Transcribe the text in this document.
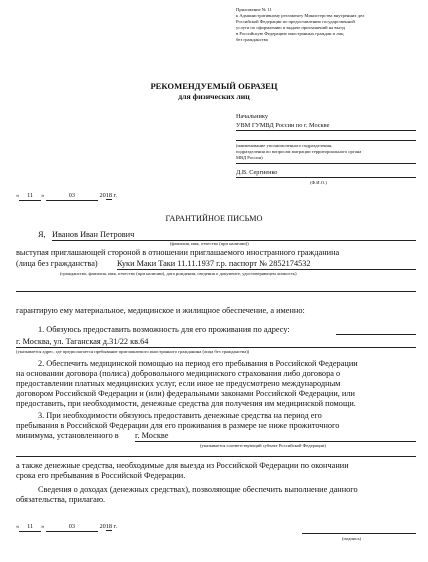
Приложение № 11
к Административному регламенту Министерства внутренних дел
Российской Федерации по предоставлению государственной
услуги по оформлению и выдаче приглашений на въезд
в Российскую Федерацию иностранных граждан и лиц
без гражданства
РЕКОМЕНДУЕМЫЙ ОБРАЗЕЦ
для физических лиц
Начальнику
УВМ ГУМВД России по г. Москве
(наименование уполномоченного подразделения,
подразделения по вопросам миграции территориального органа
МВД России)
Д.В. Сергиенко
(Ф.И.О.)
« 11 »	03	2018 г.
ГАРАНТИЙНОЕ ПИСЬМО
Я, Иванов Иван Петрович
(фамилия, имя, отчество (при наличии))
выступая приглашающей стороной в отношении приглашаемого иностранного гражданина
(лица без гражданства) Куки Маки Таки 11.11.1937 г.р. паспорт № 2852174532
(гражданство, фамилия, имя, отчество (при наличии), дата рождения, сведения о документе, удостоверяющем личность)
гарантирую ему материальное, медицинское и жилищное обеспечение, а именно:
1. Обязуюсь предоставить возможность для его проживания по адресу:
г. Москва, ул. Таганская д.31/22 кв.64
(указывается адрес, где предполагается пребывание приглашаемого иностранного гражданина (лица без гражданства))
2. Обеспечить медицинской помощью на период его пребывания в Российской Федерации
на основании договора (полиса) добровольного медицинского страхования либо договора о
предоставлении платных медицинских услуг, если иное не предусмотрено международным
договором Российской Федерации и (или) федеральными законами Российской Федерации, или
предоставить, при необходимости, денежные средства для получения им медицинской помощи.
3. При необходимости обязуюсь предоставить денежные средства на период его
пребывания в Российской Федерации для его проживания в размере не ниже прожиточного
минимума, установленного в г. Москве
(указывается соответствующий субъект Российской Федерации)
а также денежные средства, необходимые для выезда из Российской Федерации по окончании
срока его пребывания в Российской Федерации.
Сведения о доходах (денежных средствах), позволяющие обеспечить выполнение данного
обязательства, прилагаю.
« 11 »	03	2018 г.
(подпись)
